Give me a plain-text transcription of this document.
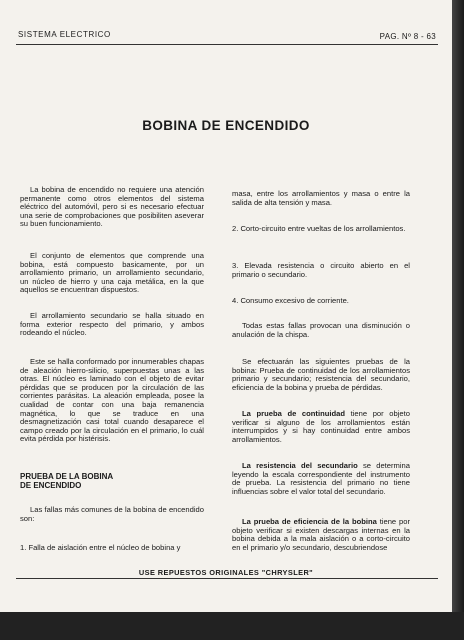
SISTEMA ELECTRICO	PAG. Nº 8 - 63
BOBINA DE ENCENDIDO

La bobina de encendido no requiere una atención permanente como otros elementos del sistema eléctrico del automóvil, pero si es necesario efectuar una serie de comprobaciones que posibiliten aseverar su buen funcionamiento.

El conjunto de elementos que comprende una bobina, está compuesto basicamente, por un arrollamiento primario, un arrollamiento secundario, un núcleo de hierro y una caja metálica, en la que aquellos se encuentran dispuestos.

El arrollamiento secundario se halla situado en forma exterior respecto del primario, y ambos rodeando el núcleo.

Este se halla conformado por innumerables chapas de aleación hierro-silicio, superpuestas unas a las otras. El núcleo es laminado con el objeto de evitar pérdidas que se producen por la circulación de las corrientes parásitas. La aleación empleada, posee la cualidad de contar con una baja remanencia magnética, lo que se traduce en una desmagnetización casi total cuando desaparece el campo creado por la circulación en el primario, lo cuál evita pérdida por histérisis.

PRUEBA DE LA BOBINA
DE ENCENDIDO

Las fallas más comunes de la bobina de encendido son:

1. Falla de aislación entre el núcleo de bobina y

masa, entre los arrollamientos y masa o entre la salida de alta tensión y masa.

2. Corto-circuito entre vueltas de los arrollamientos.

3. Elevada resistencia o circuito abierto en el primario o secundario.

4. Consumo excesivo de corriente.

Todas estas fallas provocan una disminución o anulación de la chispa.

Se efectuarán las siguientes pruebas de la bobina: Prueba de continuidad de los arrollamientos primario y secundario; resistencia del secundario, eficiencia de la bobina y prueba de pérdidas.

La prueba de continuidad tiene por objeto verificar si alguno de los arrollamientos están interrumpidos y si hay continuidad entre ambos arrollamientos.

La resistencia del secundario se determina leyendo la escala correspondiente del instrumento de prueba. La resistencia del primario no tiene influencias sobre el valor total del secundario.

La prueba de eficiencia de la bobina tiene por objeto verificar si existen descargas internas en la bobina debida a la mala aislación o a corto-circuito en el primario y/o secundario, descubriendose

USE REPUESTOS ORIGINALES "CHRYSLER"
